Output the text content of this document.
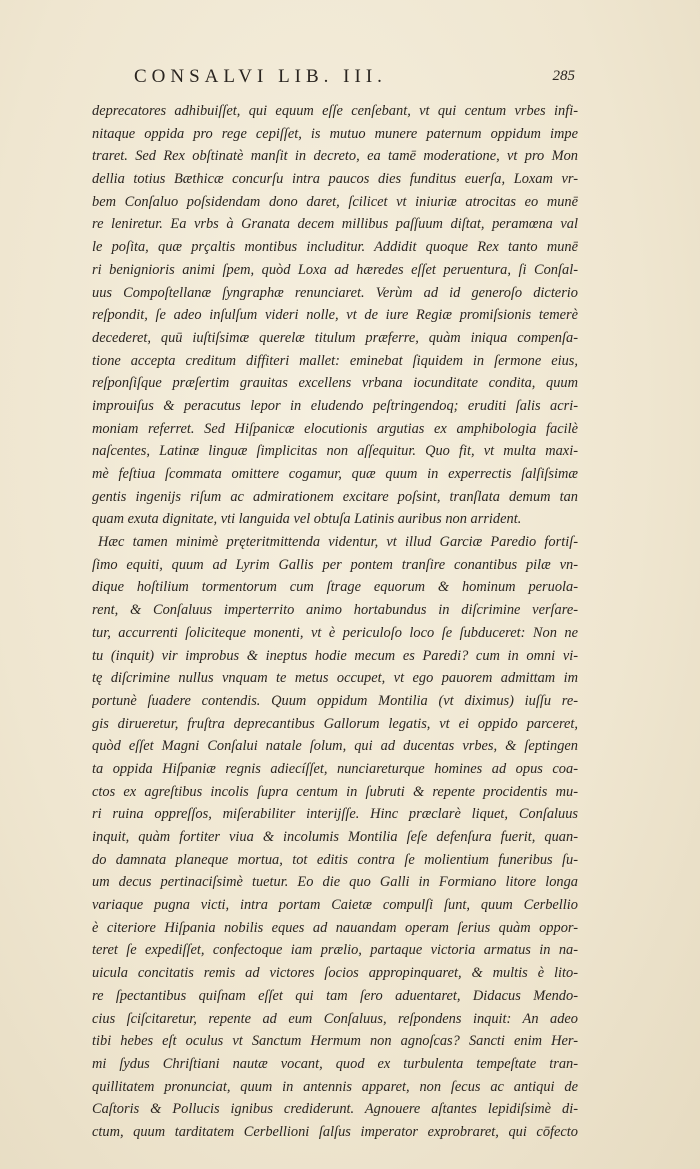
CONSALVI LIB. III.	285
deprecatores adhibuiſſet, qui equum eſſe cenſebant, vt qui centum vrbes infi-
nitaque oppida pro rege cepiſſet, is mutuo munere paternum oppidum impe
traret. Sed Rex obſtinatè manſit in decreto, ea tamē moderatione, vt pro Mon
dellia totius Bæthicæ concurſu intra paucos dies funditus euerſa, Loxam vr-
bem Conſaluo poſsidendam dono daret, ſcilicet vt iniuriæ atrocitas eo munē
re leniretur. Ea vrbs à Granata decem millibus paſſuum diſtat, peramœna val
le poſita, quæ prçaltis montibus includitur. Addidit quoque Rex tanto munē
ri benignioris animi ſpem, quòd Loxa ad hæredes eſſet peruentura, ſi Conſal-
uus Compoſtellanæ ſyngraphæ renunciaret. Verùm ad id generoſo dicterio
reſpondit, ſe adeo inſulſum videri nolle, vt de iure Regiæ promiſsionis temerè
decederet, quū iuſtiſsimæ querelæ titulum præferre, quàm iniqua compenſa-
tione accepta creditum diffiteri mallet: eminebat ſiquidem in ſermone eius,
reſponſiſque præſertim grauitas excellens vrbana iocunditate condita, quum
improuiſus & peracutus lepor in eludendo peſtringendoq; eruditi ſalis acri-
moniam referret. Sed Hiſpanicæ elocutionis argutias ex amphibologia facilè
naſcentes, Latinæ linguæ ſimplicitas non aſſequitur. Quo fit, vt multa maxi-
mè feſtiua ſcommata omittere cogamur, quæ quum in experrectis ſalſiſsimæ
gentis ingenijs riſum ac admirationem excitare poſsint, tranſlata demum tan
quam exuta dignitate, vti languida vel obtuſa Latinis auribus non arrident.
Hæc tamen minimè pręteritmittenda videntur, vt illud Garciæ Paredio fortiſ-
ſimo equiti, quum ad Lyrim Gallis per pontem tranſire conantibus pilæ vn-
dique hoſtilium tormentorum cum ſtrage equorum & hominum peruola-
rent, & Conſaluus imperterrito animo hortabundus in diſcrimine verſare-
tur, accurrenti ſoliciteque monenti, vt è periculoſo loco ſe ſubduceret: Non ne
tu (inquit) vir improbus & ineptus hodie mecum es Paredi? cum in omni vi-
tę diſcrimine nullus vnquam te metus occupet, vt ego pauorem admittam im
portunè ſuadere contendis. Quum oppidum Montilia (vt diximus) iuſſu re-
gis dirueretur, fruſtra deprecantibus Gallorum legatis, vt ei oppido parceret,
quòd eſſet Magni Conſalui natale ſolum, qui ad ducentas vrbes, & ſeptingen
ta oppida Hiſpaniæ regnis adiecíſſet, nunciareturque homines ad opus coa-
ctos ex agreſtibus incolis ſupra centum in ſubruti & repente procidentis mu-
ri ruina oppreſſos, miſerabiliter interijſſe. Hinc præclarè liquet, Conſaluus
inquit, quàm fortiter viua & incolumis Montilia ſeſe defenſura fuerit, quan-
do damnata planeque mortua, tot editis contra ſe molientium funeribus ſu-
um decus pertinaciſsimè tuetur. Eo die quo Galli in Formiano litore longa
variaque pugna victi, intra portam Caietæ compulſi ſunt, quum Cerbellio
è citeriore Hiſpania nobilis eques ad nauandam operam ſerius quàm oppor-
teret ſe expediſſet, confectoque iam prælio, partaque victoria armatus in na-
uicula concitatis remis ad victores ſocios appropinquaret, & multis è lito-
re ſpectantibus quiſnam eſſet qui tam ſero aduentaret, Didacus Mendo-
cius ſciſcitaretur, repente ad eum Conſaluus, reſpondens inquit: An adeo
tibi hebes eſt oculus vt Sanctum Hermum non agnoſcas? Sancti enim Her-
mi ſydus Chriſtiani nautæ vocant, quod ex turbulenta tempeſtate tran-
quillitatem pronunciat, quum in antennis apparet, non ſecus ac antiqui de
Caſtoris & Pollucis ignibus crediderunt. Agnouere aſtantes lepidiſsimè di-
ctum, quum tarditatem Cerbellioni ſalſus imperator exprobraret, qui cōfecto
